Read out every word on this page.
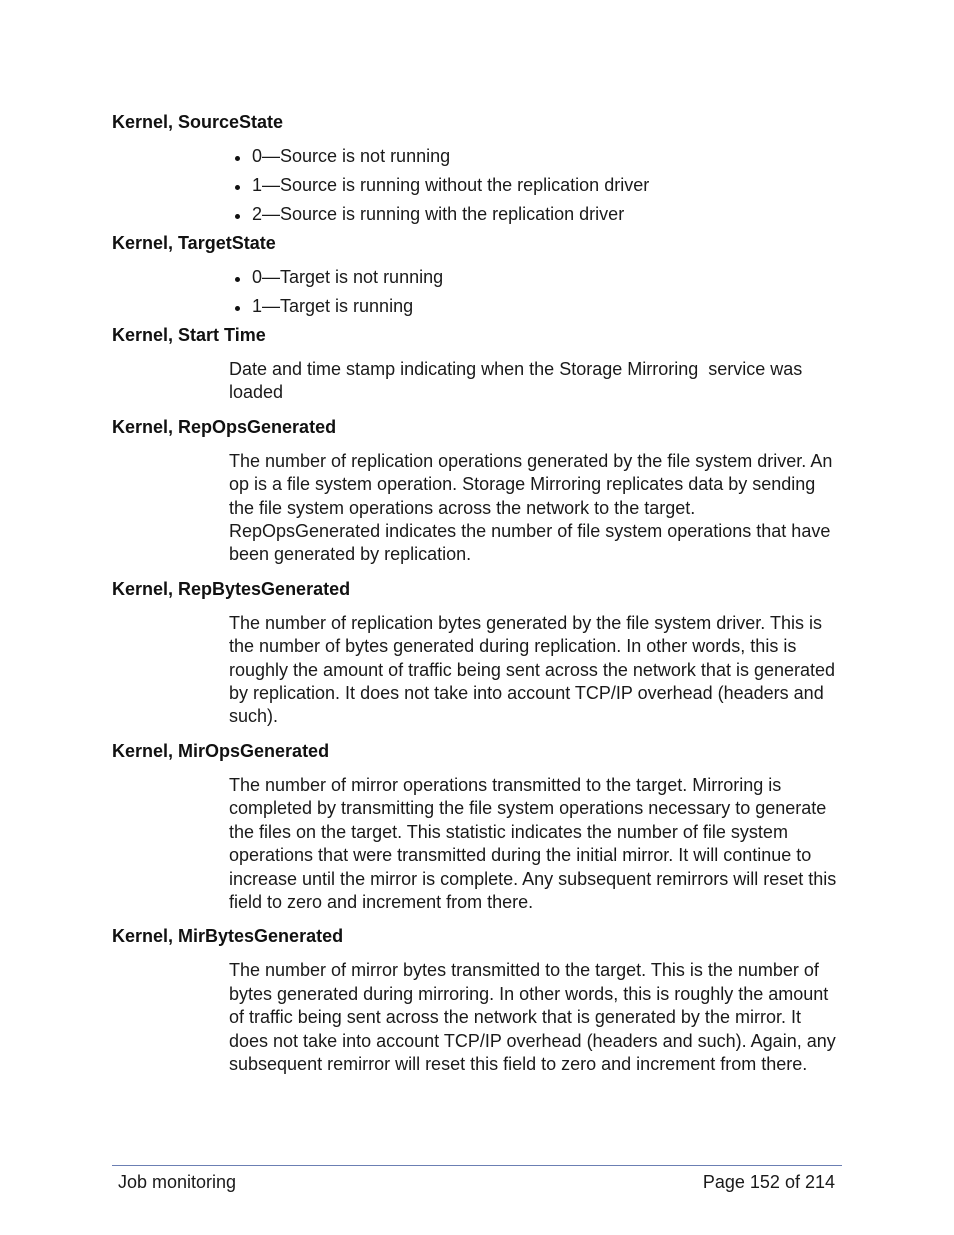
Kernel, SourceState
0—Source is not running
1—Source is running without the replication driver
2—Source is running with the replication driver
Kernel, TargetState
0—Target is not running
1—Target is running
Kernel, Start Time

Date and time stamp indicating when the Storage Mirroring  service was loaded

Kernel, RepOpsGenerated

The number of replication operations generated by the file system driver. An op is a file system operation. Storage Mirroring replicates data by sending the file system operations across the network to the target. RepOpsGenerated indicates the number of file system operations that have been generated by replication.

Kernel, RepBytesGenerated

The number of replication bytes generated by the file system driver. This is the number of bytes generated during replication. In other words, this is roughly the amount of traffic being sent across the network that is generated by replication. It does not take into account TCP/IP overhead (headers and such).

Kernel, MirOpsGenerated

The number of mirror operations transmitted to the target. Mirroring is completed by transmitting the file system operations necessary to generate the files on the target. This statistic indicates the number of file system operations that were transmitted during the initial mirror. It will continue to increase until the mirror is complete. Any subsequent remirrors will reset this field to zero and increment from there.

Kernel, MirBytesGenerated

The number of mirror bytes transmitted to the target. This is the number of bytes generated during mirroring. In other words, this is roughly the amount of traffic being sent across the network that is generated by the mirror. It does not take into account TCP/IP overhead (headers and such). Again, any subsequent remirror will reset this field to zero and increment from there.

Job monitoring	Page 152 of 214
